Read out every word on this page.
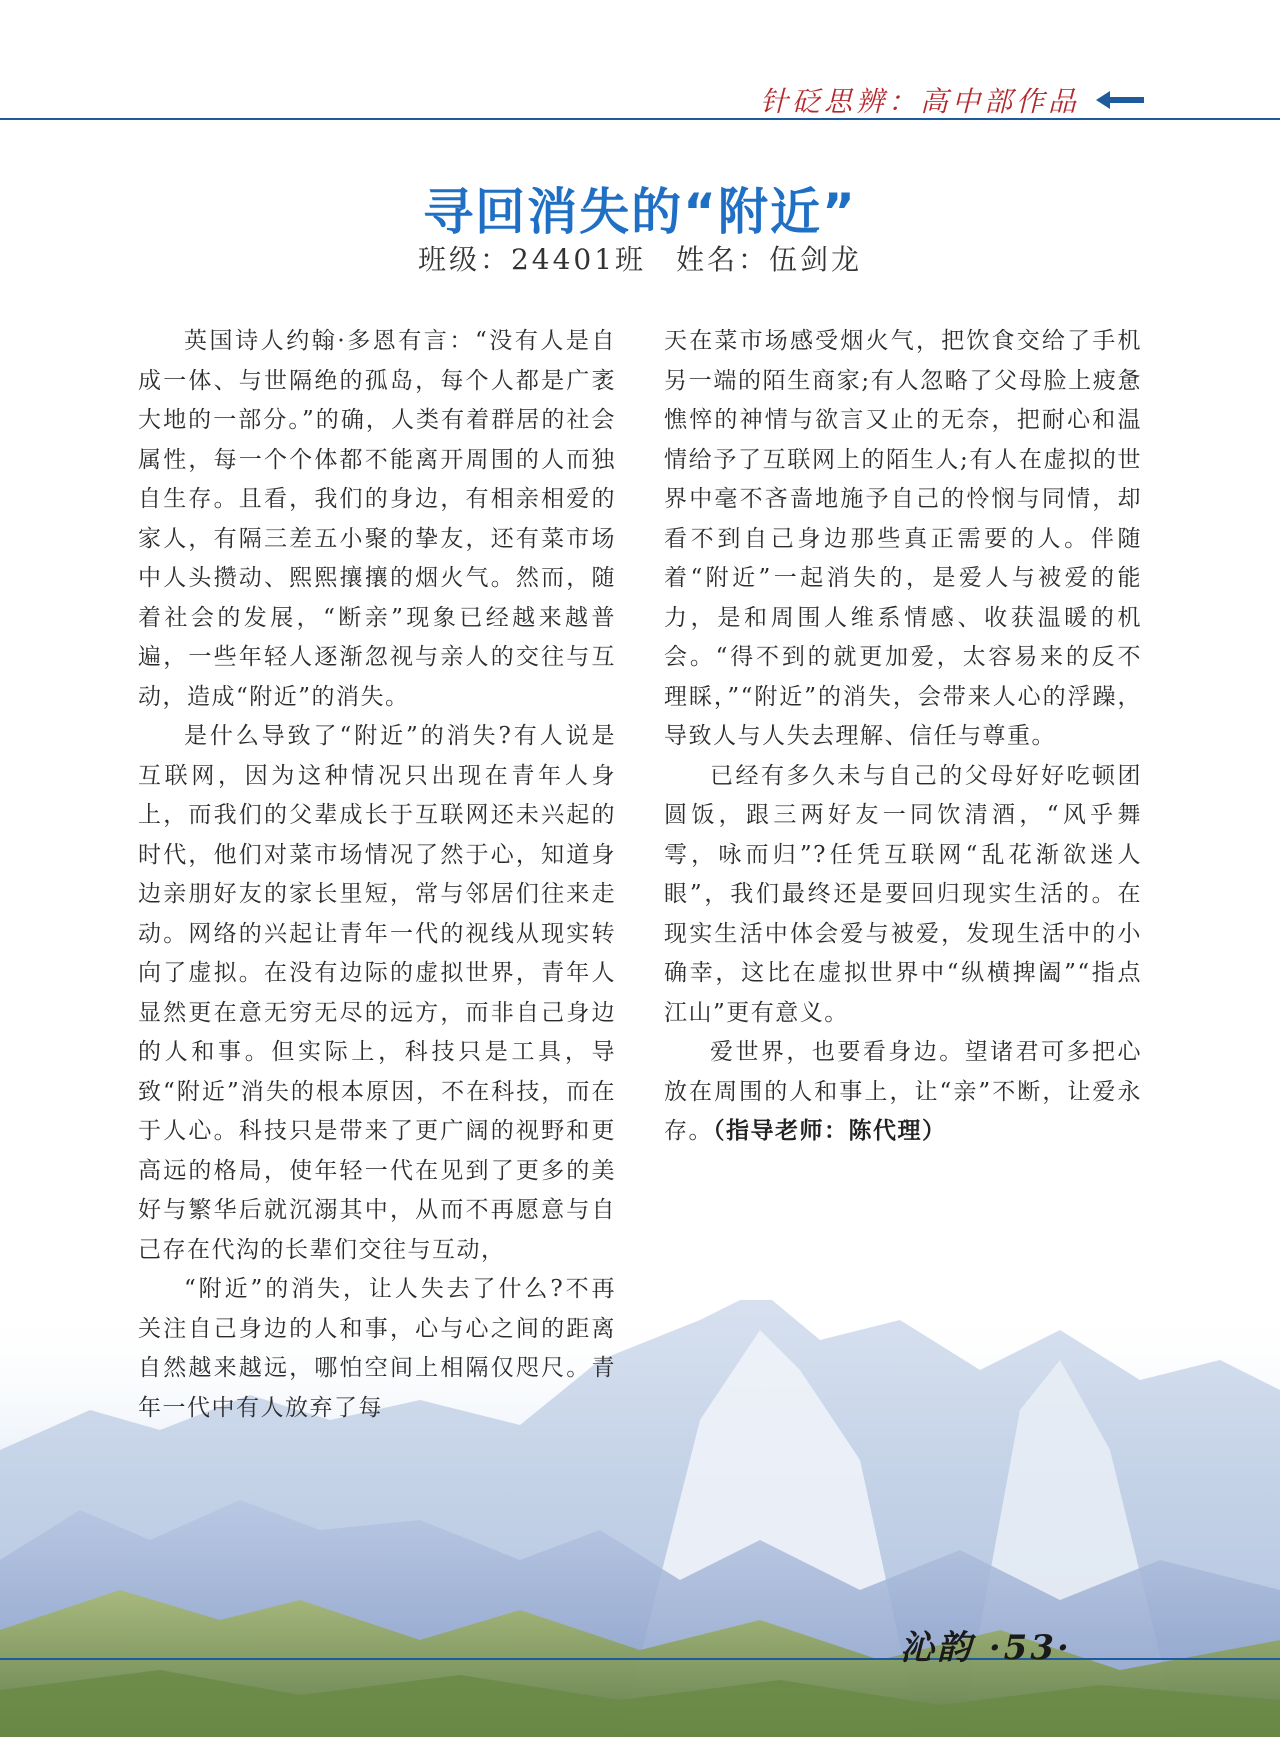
针砭思辨：高中部作品
寻回消失的“附近”
班级：24401班 姓名：伍剑龙

英国诗人约翰·多恩有言：“没有人是自成一体、与世隔绝的孤岛，每个人都是广袤大地的一部分。”的确，人类有着群居的社会属性，每一个个体都不能离开周围的人而独自生存。且看，我们的身边，有相亲相爱的家人，有隔三差五小聚的挚友，还有菜市场中人头攒动、熙熙攘攘的烟火气。然而，随着社会的发展，“断亲”现象已经越来越普遍，一些年轻人逐渐忽视与亲人的交往与互动，造成“附近”的消失。

是什么导致了“附近”的消失?有人说是互联网，因为这种情况只出现在青年人身上，而我们的父辈成长于互联网还未兴起的时代，他们对菜市场情况了然于心，知道身边亲朋好友的家长里短，常与邻居们往来走动。网络的兴起让青年一代的视线从现实转向了虚拟。在没有边际的虚拟世界，青年人显然更在意无穷无尽的远方，而非自己身边的人和事。但实际上，科技只是工具，导致“附近”消失的根本原因，不在科技，而在于人心。科技只是带来了更广阔的视野和更高远的格局，使年轻一代在见到了更多的美好与繁华后就沉溺其中，从而不再愿意与自己存在代沟的长辈们交往与互动，

“附近”的消失，让人失去了什么?不再关注自己身边的人和事，心与心之间的距离自然越来越远，哪怕空间上相隔仅咫尺。青年一代中有人放弃了每

天在菜市场感受烟火气，把饮食交给了手机另一端的陌生商家;有人忽略了父母脸上疲惫憔悴的神情与欲言又止的无奈，把耐心和温情给予了互联网上的陌生人;有人在虚拟的世界中毫不吝啬地施予自己的怜悯与同情，却看不到自己身边那些真正需要的人。伴随着“附近”一起消失的，是爱人与被爱的能力，是和周围人维系情感、收获温暖的机会。“得不到的就更加爱，太容易来的反不理睬，”“附近”的消失，会带来人心的浮躁，导致人与人失去理解、信任与尊重。

已经有多久未与自己的父母好好吃顿团圆饭，跟三两好友一同饮清酒，“风乎舞雩，咏而归”?任凭互联网“乱花渐欲迷人眼”，我们最终还是要回归现实生活的。在现实生活中体会爱与被爱，发现生活中的小确幸，这比在虚拟世界中“纵横捭阖”“指点江山”更有意义。

爱世界，也要看身边。望诸君可多把心放在周围的人和事上，让“亲”不断，让爱永存。（指导老师：陈代理）

沁韵 ·53·
